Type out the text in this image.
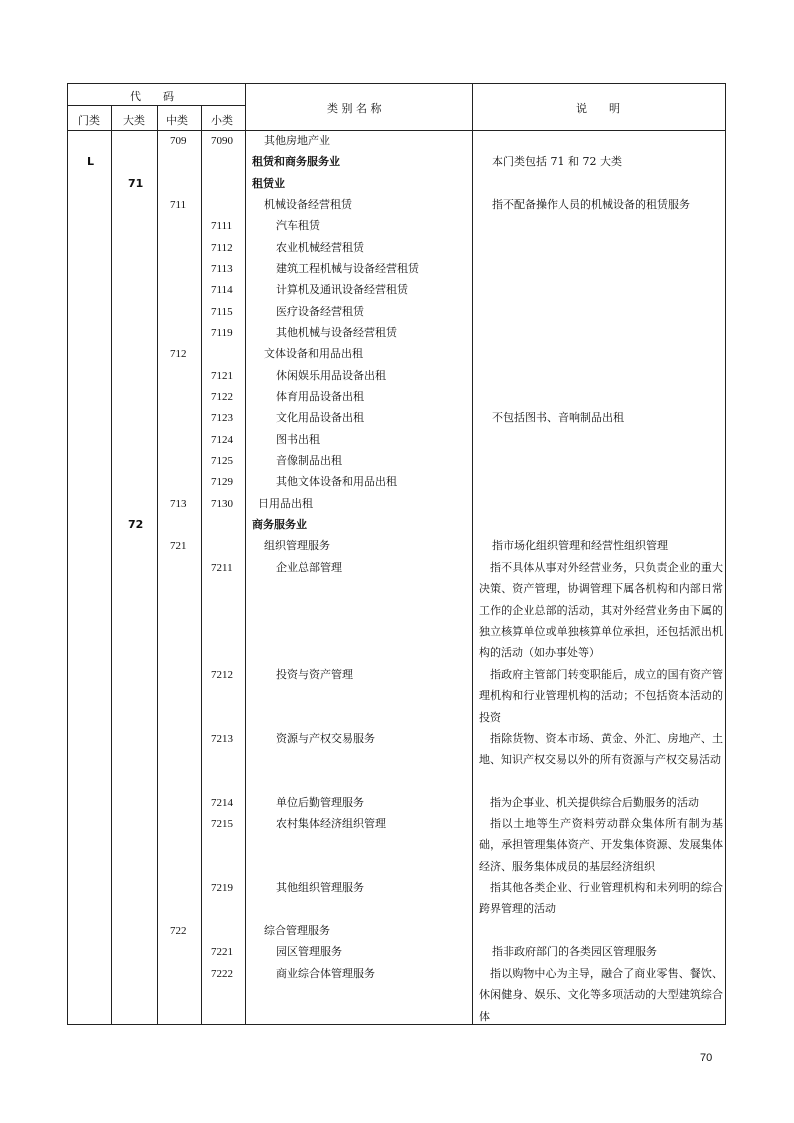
代　　码
门类 大类 中类 小类
类 别 名 称	说　　明
709 7090	其他房地产业
L	租赁和商务服务业	本门类包括 71 和 72 大类
71	租赁业
711	机械设备经营租赁	指不配备操作人员的机械设备的租赁服务
7111	汽车租赁
7112	农业机械经营租赁
7113	建筑工程机械与设备经营租赁
7114	计算机及通讯设备经营租赁
7115	医疗设备经营租赁
7119	其他机械与设备经营租赁
712	文体设备和用品出租
7121	休闲娱乐用品设备出租
7122	体育用品设备出租
7123	文化用品设备出租	不包括图书、音响制品出租
7124	图书出租
7125	音像制品出租
7129	其他文体设备和用品出租
713 7130 日用品出租
72	商务服务业
721	组织管理服务	指市场化组织管理和经营性组织管理
7211	企业总部管理	指不具体从事对外经营业务，只负责企业的重大决策、资产管理，协调管理下属各机构和内部日常工作的企业总部的活动，其对外经营业务由下属的独立核算单位或单独核算单位承担，还包括派出机构的活动（如办事处等）
7212	投资与资产管理	指政府主管部门转变职能后，成立的国有资产管理机构和行业管理机构的活动；不包括资本活动的投资
7213	资源与产权交易服务	指除货物、资本市场、黄金、外汇、房地产、土地、知识产权交易以外的所有资源与产权交易活动
7214	单位后勤管理服务	指为企事业、机关提供综合后勤服务的活动
7215	农村集体经济组织管理	指以土地等生产资料劳动群众集体所有制为基础，承担管理集体资产、开发集体资源、发展集体经济、服务集体成员的基层经济组织
7219	其他组织管理服务	指其他各类企业、行业管理机构和未列明的综合跨界管理的活动
722	综合管理服务
7221	园区管理服务	指非政府部门的各类园区管理服务
7222	商业综合体管理服务	指以购物中心为主导，融合了商业零售、餐饮、休闲健身、娱乐、文化等多项活动的大型建筑综合体
70
